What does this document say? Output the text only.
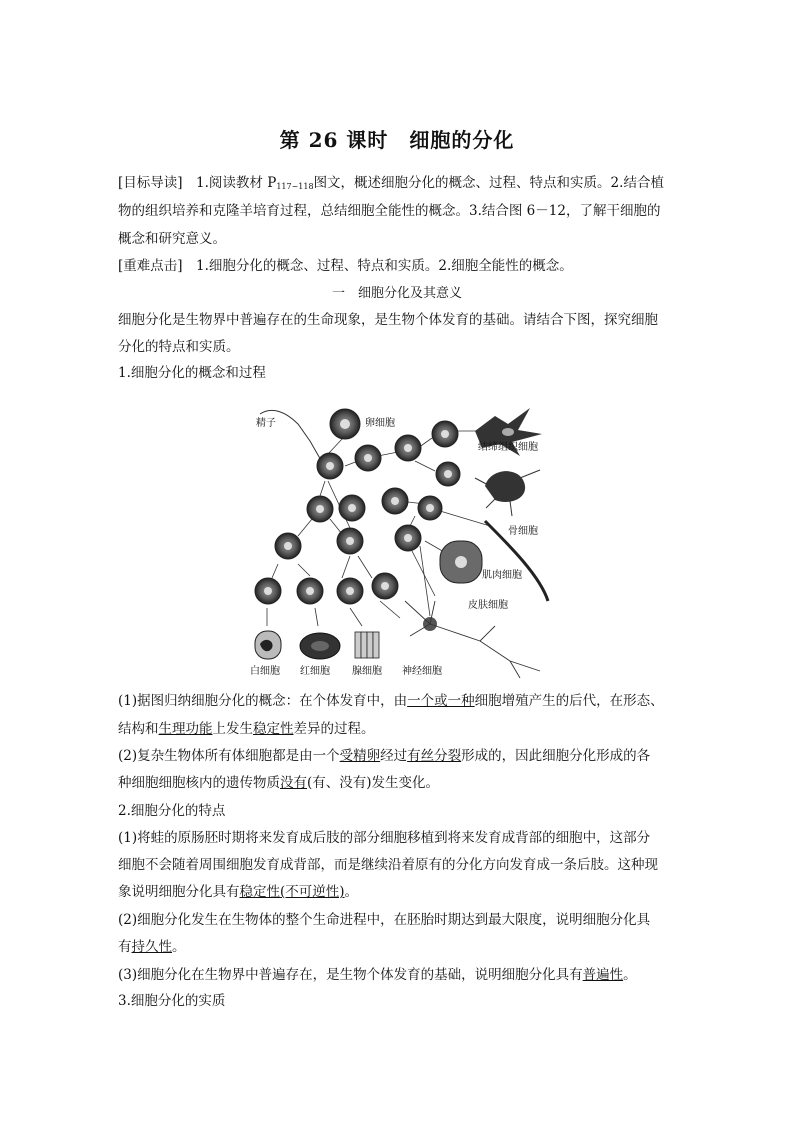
第 26 课时　细胞的分化
[目标导读]　 1.阅读教材 $P_{117\sim 118}$图文，概述细胞分化的概念、过程、特点和实质。2.结合植
物的组织培养和克隆羊培育过程，总结细胞全能性的概念。3.结合图 6－12，了解干细胞的
概念和研究意义。
[重难点击]　 1.细胞分化的概念、过程、特点和实质。2.细胞全能性的概念。
一　细胞分化及其意义
细胞分化是生物界中普遍存在的生命现象，是生物个体发育的基础。请结合下图，探究细胞
分化的特点和实质。
1.细胞分化的概念和过程
精子	卵细胞
结缔组织细胞
骨细胞
肌肉细胞
皮肤细胞
白细胞 红细胞 腺细胞 神经细胞
(1)据图归纳细胞分化的概念：在个体发育中，由一个或一种细胞增殖产生的后代，在形态、
结构和生理功能上发生稳定性差异的过程。
(2)复杂生物体所有体细胞都是由一个受精卵经过有丝分裂形成的，因此细胞分化形成的各
种细胞细胞核内的遗传物质没有(有、没有)发生变化。
2.细胞分化的特点
(1)将蛙的原肠胚时期将来发育成后肢的部分细胞移植到将来发育成背部的细胞中，这部分
细胞不会随着周围细胞发育成背部，而是继续沿着原有的分化方向发育成一条后肢。这种现
象说明细胞分化具有稳定性(不可逆性)。
(2)细胞分化发生在生物体的整个生命进程中，在胚胎时期达到最大限度，说明细胞分化具
有持久性。
(3)细胞分化在生物界中普遍存在，是生物个体发育的基础，说明细胞分化具有普遍性。
3.细胞分化的实质
